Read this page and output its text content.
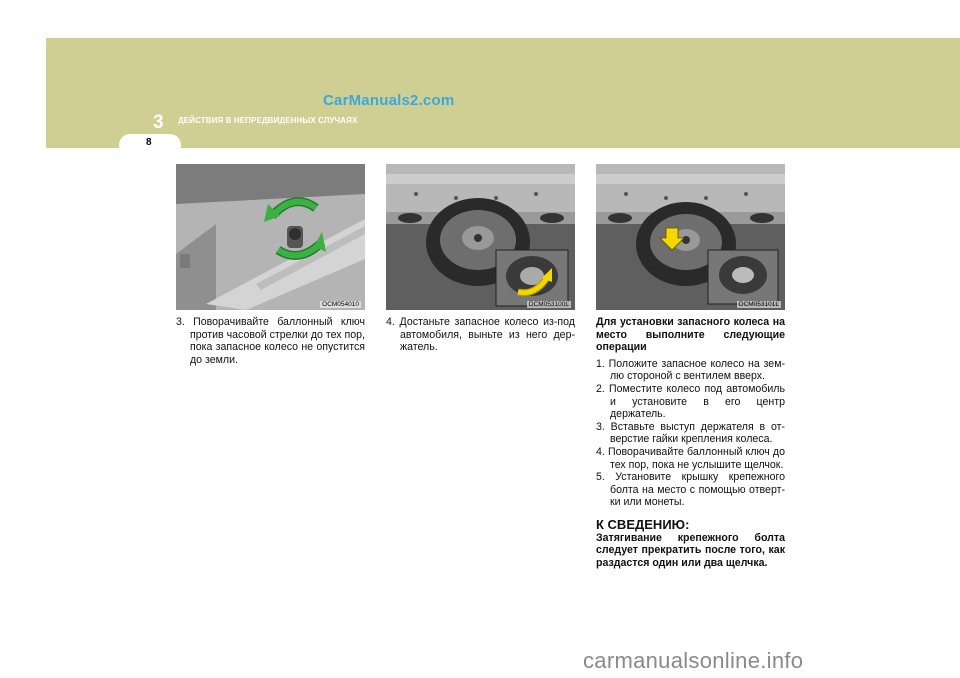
CarManuals2.com
3 ДЕЙСТВИЯ В НЕПРЕДВИДЕННЫХ СЛУЧАЯХ
8
OCM054010	OCM053100L	OCM053101L
3. Поворачивайте баллонный ключ против часовой стрелки до тех пор, пока запасное колесо не опустится до земли.
4. Достаньте запасное колесо из-под автомобиля, выньте из него дер- жатель.
Для установки запасного колеса на место выполните следующие операции
1. Положите запасное колесо на зем- лю стороной с вентилем вверх.
2. Поместите колесо под автомобиль и установите в его центр держатель.
3. Вставьте выступ держателя в от- верстие гайки крепления колеса.
4. Поворачивайте баллонный ключ до тех пор, пока не услышите щелчок.
5. Установите крышку крепежного болта на место с помощью отверт- ки или монеты.
К СВЕДЕНИЮ:
Затягивание крепежного болта следует прекратить после того, как раздастся один или два щелчка.
carmanualsonline.info
